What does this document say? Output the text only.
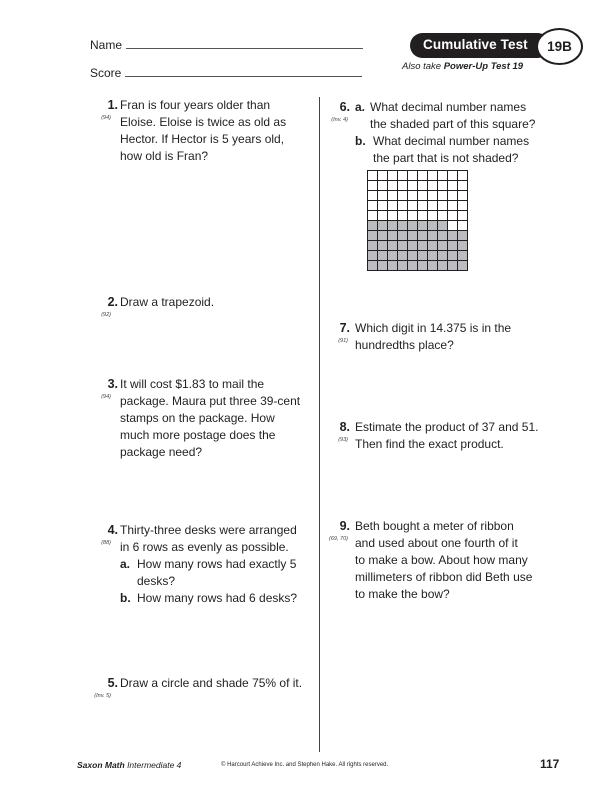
Name
Score
Cumulative Test 19B
Also take Power-Up Test 19
1.
(94)
Fran is four years older than
Eloise. Eloise is twice as old as
Hector. If Hector is 5 years old,
how old is Fran?
2.
(92)
Draw a trapezoid.
3.
(94)
It will cost $1.83 to mail the
package. Maura put three 39-cent
stamps on the package. How
much more postage does the
package need?
4.
(88)
Thirty-three desks were arranged
in 6 rows as evenly as possible.
a. How many rows had exactly 5
desks?
b. How many rows had 6 desks?
5.
(Inv. 5)
Draw a circle and shade 75% of it.
6.
(Inv. 4)
a. What decimal number names
the shaded part of this square?
b. What decimal number names
the part that is not shaded?
7.
(91)
Which digit in 14.375 is in the
hundredths place?
8.
(93)
Estimate the product of 37 and 51.
Then find the exact product.
9.
(69, 70)
Beth bought a meter of ribbon
and used about one fourth of it
to make a bow. About how many
millimeters of ribbon did Beth use
to make the bow?
Saxon Math Intermediate 4	© Harcourt Achieve Inc. and Stephen Hake. All rights reserved.	117
